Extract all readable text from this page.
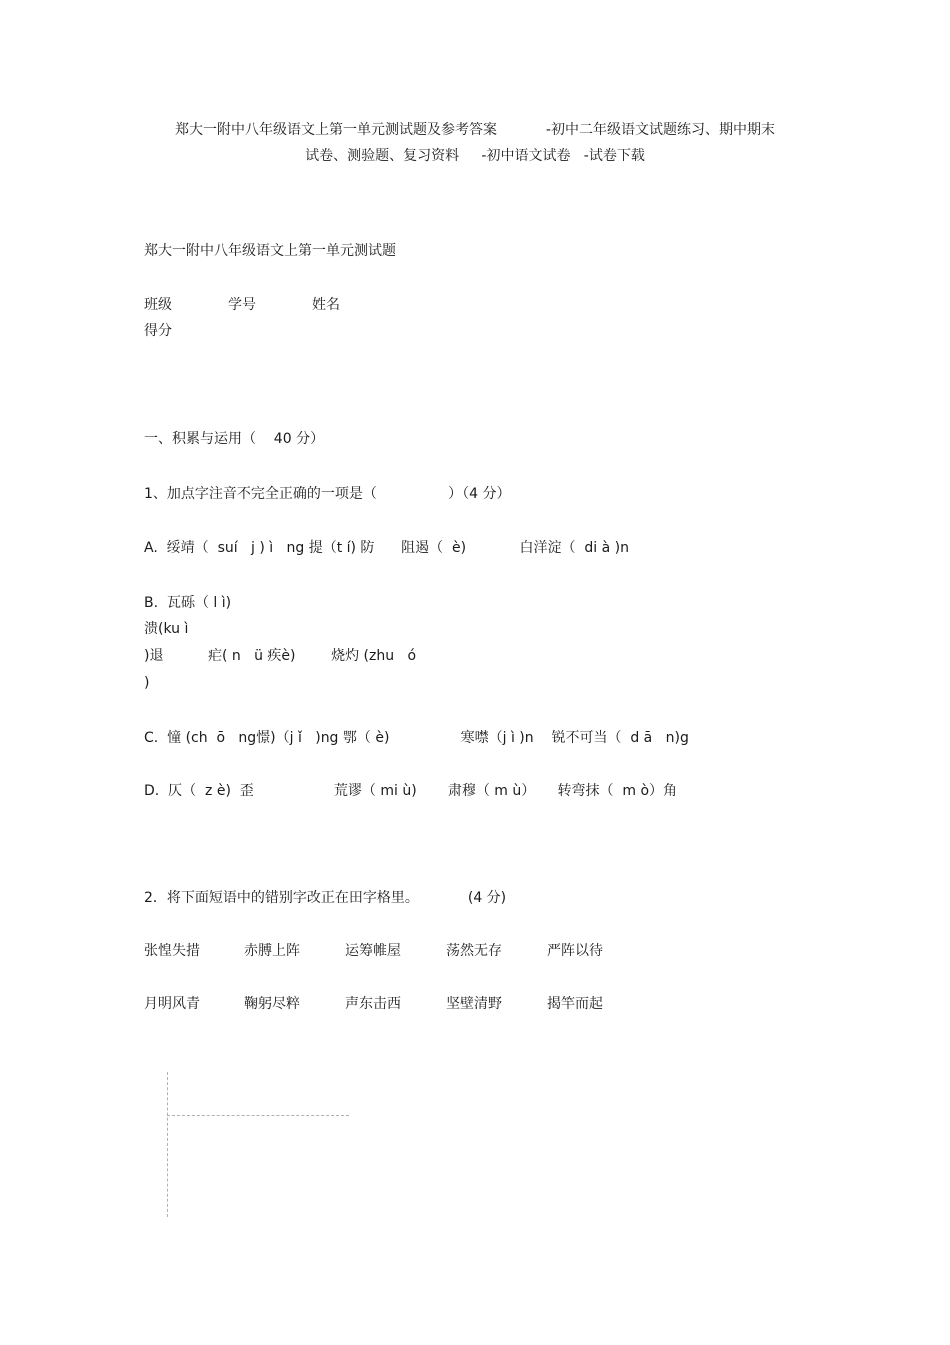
郑大一附中八年级语文上第一单元测试题及参考答案           -初中二年级语文试题练习、期中期末
试卷、测验题、复习资料     -初中语文试卷   -试卷下载
郑大一附中八年级语文上第一单元测试题
班级	学号	姓名
得分
一、积累与运用（    40 分）
1、加点字注音不完全正确的一项是（                ）（4 分）
A.  绥靖（  suí   j ) ì   ng 提（t í) 防      阻遏（  è)            白洋淀（  di à )n
B.  瓦砾（ l ì)
溃(ku ì
)退          疟( n   ü 疾è)        烧灼 (zhu   ó
)
C.  憧 (ch  ō   ng憬)（j ǐ   )ng 鄂（ è)                寒噤（j ì )n    锐不可当（  d ā   n)g
D.  仄（  z è)  歪                  荒谬（ mi ù)       肃穆（ m ù）     转弯抹（  m ò）角
2．将下面短语中的错别字改正在田字格里。           (4 分)
张惶失措	赤膊上阵	运筹帷屋	荡然无存	严阵以待
月明风青	鞠躬尽粹	声东击西	坚壁清野	揭竿而起
